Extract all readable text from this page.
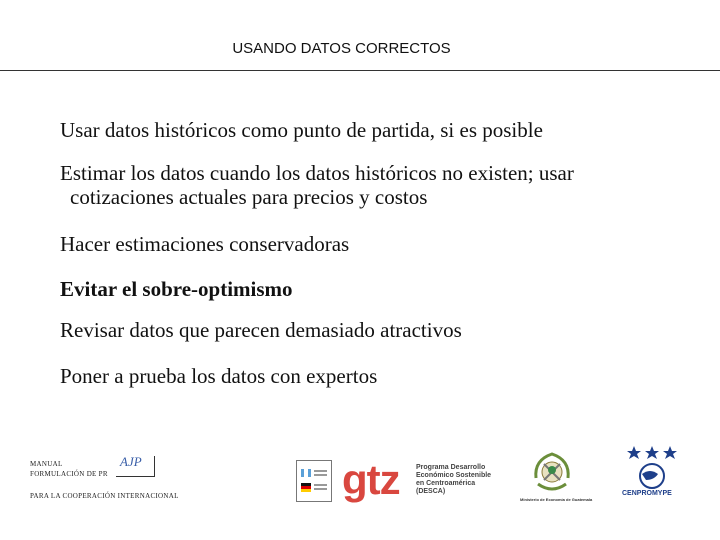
USANDO DATOS CORRECTOS

Usar datos históricos como punto de partida, si es posible

Estimar los datos cuando los datos históricos no existen; usar
cotizaciones actuales para precios y costos

Hacer estimaciones conservadoras

Evitar el sobre-optimismo

Revisar datos que parecen demasiado atractivos

Poner a prueba los datos con expertos

MANUAL
FORMULACIÓN DE PR
AJP
PARA LA COOPERACIÓN INTERNACIONAL	gtz Programa Desarrollo
Económico Sostenible
en Centroamérica
(DESCA)
Ministerio de Economía de Guatemala
CENPROMYPE
